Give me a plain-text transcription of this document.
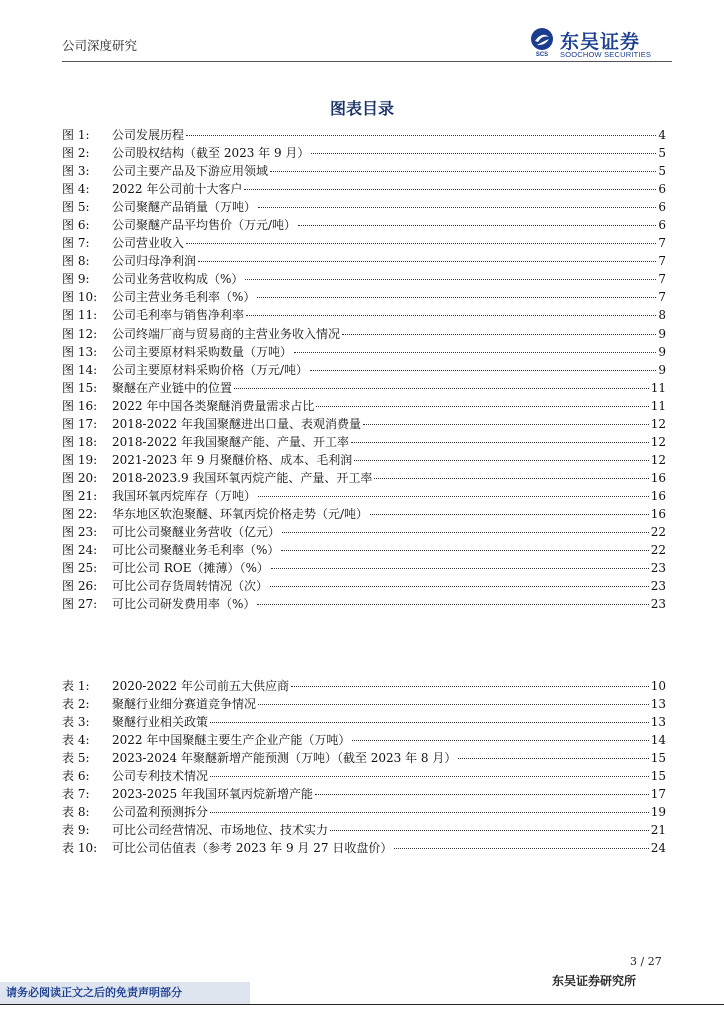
公司深度研究
SCS
东吴证券
SOOCHOW SECURITIES
图表目录
图 1:	公司发展历程	4
图 2:	公司股权结构（截至 2023 年 9 月）	5
图 3:	公司主要产品及下游应用领域	5
图 4:	2022 年公司前十大客户	6
图 5:	公司聚醚产品销量（万吨）	6
图 6:	公司聚醚产品平均售价（万元/吨）	6
图 7:	公司营业收入	7
图 8:	公司归母净利润	7
图 9:	公司业务营收构成（%）	7
图 10:	公司主营业务毛利率（%）	7
图 11:	公司毛利率与销售净利率	8
图 12:	公司终端厂商与贸易商的主营业务收入情况	9
图 13:	公司主要原材料采购数量（万吨）	9
图 14:	公司主要原材料采购价格（万元/吨）	9
图 15:	聚醚在产业链中的位置	11
图 16:	2022 年中国各类聚醚消费量需求占比	11
图 17:	2018-2022 年我国聚醚进出口量、表观消费量	12
图 18:	2018-2022 年我国聚醚产能、产量、开工率	12
图 19:	2021-2023 年 9 月聚醚价格、成本、毛利润	12
图 20:	2018-2023.9 我国环氧丙烷产能、产量、开工率	16
图 21:	我国环氧丙烷库存（万吨）	16
图 22:	华东地区软泡聚醚、环氧丙烷价格走势（元/吨）	16
图 23:	可比公司聚醚业务营收（亿元）	22
图 24:	可比公司聚醚业务毛利率（%）	22
图 25:	可比公司 ROE（摊薄）（%）	23
图 26:	可比公司存货周转情况（次）	23
图 27:	可比公司研发费用率（%）	23
表 1:	2020-2022 年公司前五大供应商	10
表 2:	聚醚行业细分赛道竞争情况	13
表 3:	聚醚行业相关政策	13
表 4:	2022 年中国聚醚主要生产企业产能（万吨）	14
表 5:	2023-2024 年聚醚新增产能预测（万吨）（截至 2023 年 8 月）	15
表 6:	公司专利技术情况	15
表 7:	2023-2025 年我国环氧丙烷新增产能	17
表 8:	公司盈利预测拆分	19
表 9:	可比公司经营情况、市场地位、技术实力	21
表 10:	可比公司估值表（参考 2023 年 9 月 27 日收盘价）	24
3 / 27
东吴证券研究所
请务必阅读正文之后的免责声明部分
